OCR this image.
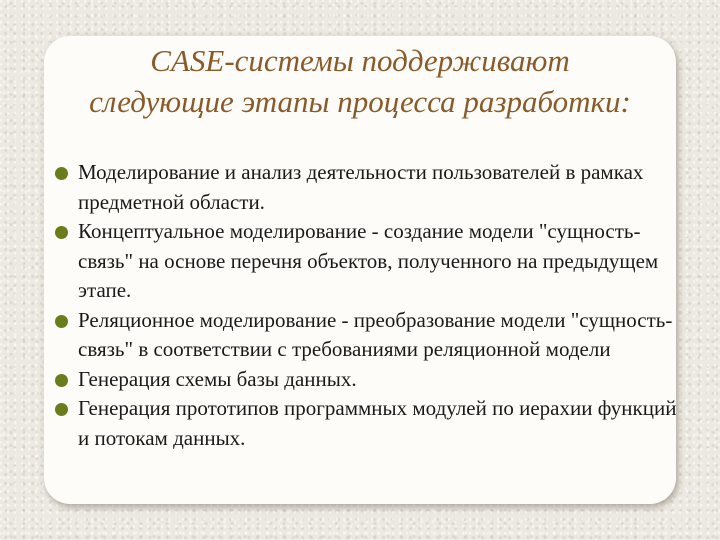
CASE-системы поддерживают следующие этапы процесса разработки:
Моделирование и анализ деятельности пользователей в рамках предметной области.
Концептуальное моделирование - создание модели "сущность-связь" на основе перечня объектов, полученного на предыдущем этапе.
Реляционное моделирование - преобразование модели "сущность-связь" в соответствии с требованиями реляционной модели
Генерация схемы базы данных.
Генерация прототипов программных модулей по иерахии функций и потокам данных.
